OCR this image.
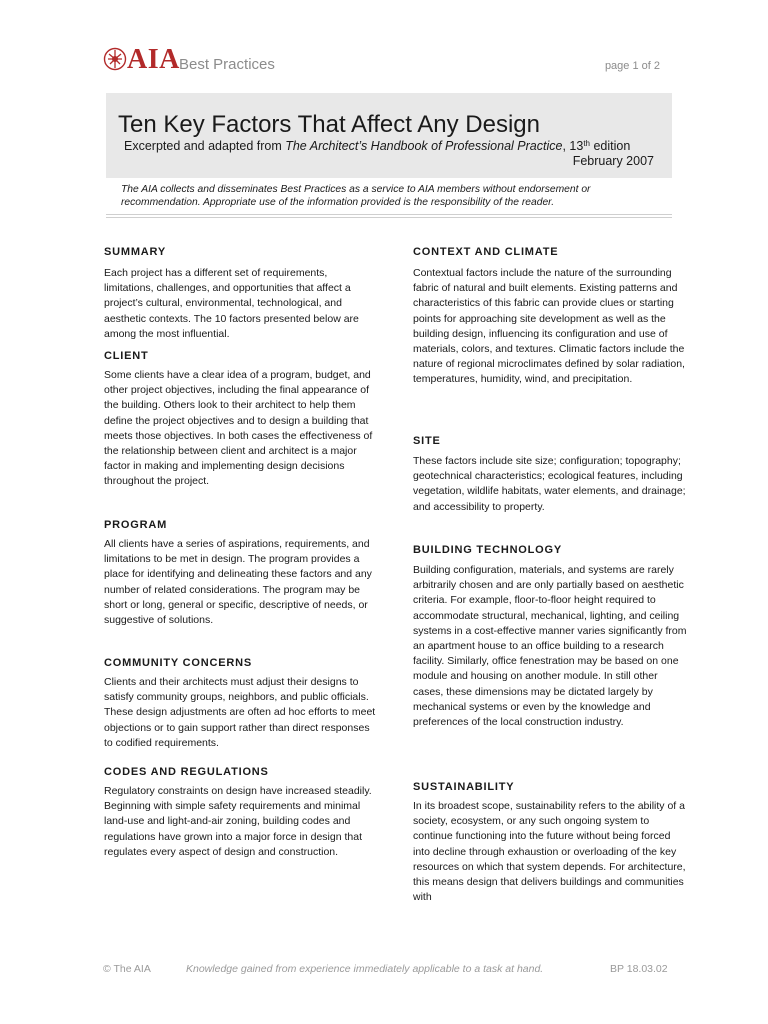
AIA Best Practices	page 1 of 2
Ten Key Factors That Affect Any Design
Excerpted and adapted from The Architect’s Handbook of Professional Practice, 13th edition
February 2007
The AIA collects and disseminates Best Practices as a service to AIA members without endorsement or recommendation. Appropriate use of the information provided is the responsibility of the reader.
SUMMARY

Each project has a different set of requirements, limitations, challenges, and opportunities that affect a project’s cultural, environmental, technological, and aesthetic contexts. The 10 factors presented below are among the most influential.

CLIENT

Some clients have a clear idea of a program, budget, and other project objectives, including the final appearance of the building. Others look to their architect to help them define the project objectives and to design a building that meets those objectives. In both cases the effectiveness of the relationship between client and architect is a major factor in making and implementing design decisions throughout the project.

PROGRAM

All clients have a series of aspirations, requirements, and limitations to be met in design. The program provides a place for identifying and delineating these factors and any number of related considerations. The program may be short or long, general or specific, descriptive of needs, or suggestive of solutions.

COMMUNITY CONCERNS

Clients and their architects must adjust their designs to satisfy community groups, neighbors, and public officials. These design adjustments are often ad hoc efforts to meet objections or to gain support rather than direct responses to codified requirements.

CODES AND REGULATIONS

Regulatory constraints on design have increased steadily. Beginning with simple safety requirements and minimal land-use and light-and-air zoning, building codes and regulations have grown into a major force in design that regulates every aspect of design and construction.

CONTEXT AND CLIMATE

Contextual factors include the nature of the surrounding fabric of natural and built elements. Existing patterns and characteristics of this fabric can provide clues or starting points for approaching site development as well as the building design, influencing its configuration and use of materials, colors, and textures. Climatic factors include the nature of regional microclimates defined by solar radiation, temperatures, humidity, wind, and precipitation.

SITE

These factors include site size; configuration; topography; geotechnical characteristics; ecological features, including vegetation, wildlife habitats, water elements, and drainage; and accessibility to property.

BUILDING TECHNOLOGY

Building configuration, materials, and systems are rarely arbitrarily chosen and are only partially based on aesthetic criteria. For example, floor-to-floor height required to accommodate structural, mechanical, lighting, and ceiling systems in a cost-effective manner varies significantly from an apartment house to an office building to a research facility. Similarly, office fenestration may be based on one module and housing on another module. In still other cases, these dimensions may be dictated largely by mechanical systems or even by the knowledge and preferences of the local construction industry.

SUSTAINABILITY

In its broadest scope, sustainability refers to the ability of a society, ecosystem, or any such ongoing system to continue functioning into the future without being forced into decline through exhaustion or overloading of the key resources on which that system depends. For architecture, this means design that delivers buildings and communities with

© The AIA	Knowledge gained from experience immediately applicable to a task at hand.	BP 18.03.02
